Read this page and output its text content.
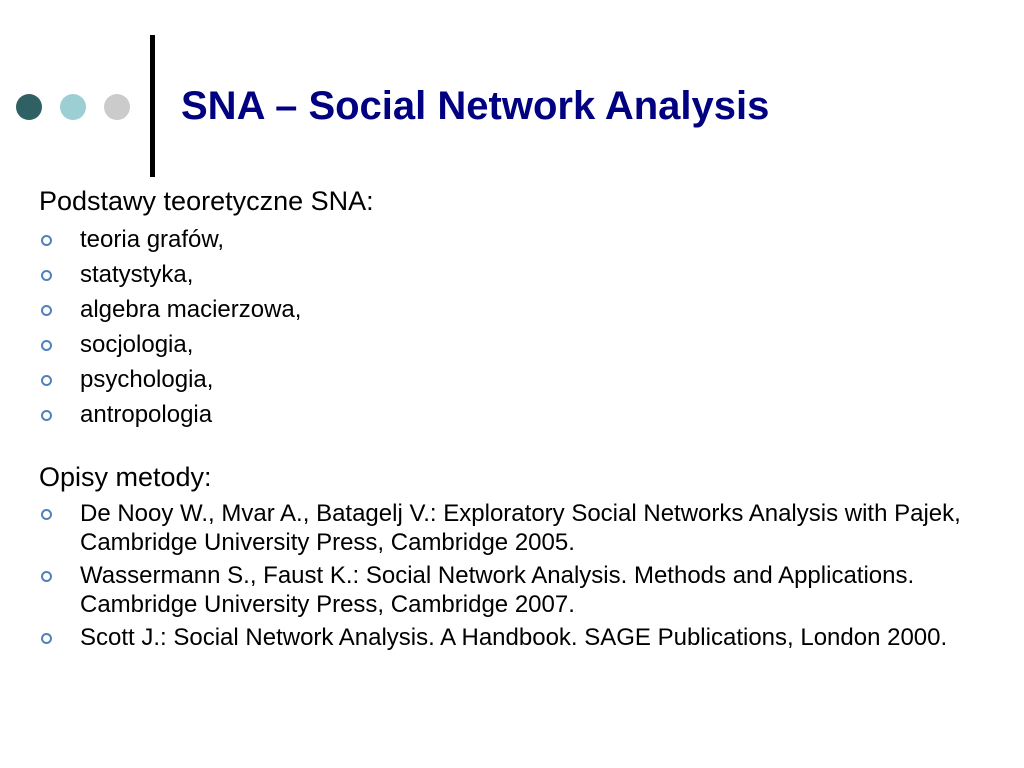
SNA – Social Network Analysis

Podstawy teoretyczne SNA:

teoria grafów,
statystyka,
algebra macierzowa,
socjologia,
psychologia,
antropologia

Opisy metody:

De Nooy W., Mvar A., Batagelj V.: Exploratory Social Networks Analysis with Pajek, Cambridge University Press, Cambridge 2005.
Wassermann S., Faust K.: Social Network Analysis. Methods and Applications. Cambridge University Press, Cambridge 2007.
Scott J.: Social Network Analysis. A Handbook. SAGE Publications, London 2000.
